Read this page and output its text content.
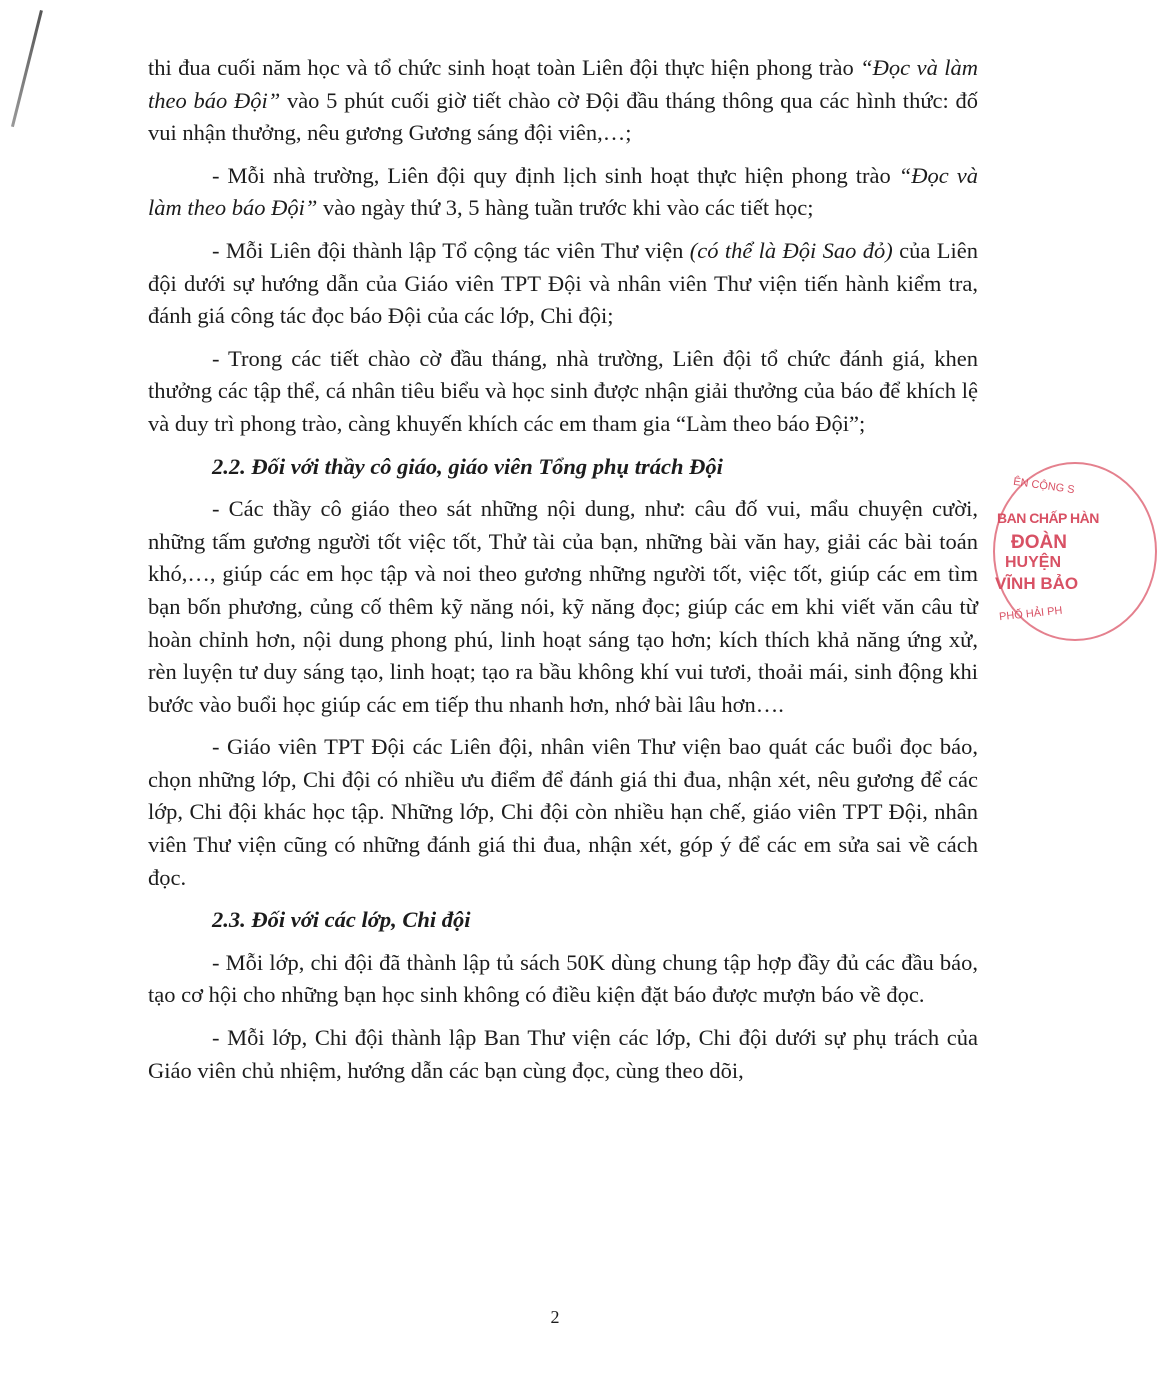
thi đua cuối năm học và tổ chức sinh hoạt toàn Liên đội thực hiện phong trào “Đọc và làm theo báo Đội” vào 5 phút cuối giờ tiết chào cờ Đội đầu tháng thông qua các hình thức: đố vui nhận thưởng, nêu gương Gương sáng đội viên,…;

- Mỗi nhà trường, Liên đội quy định lịch sinh hoạt thực hiện phong trào “Đọc và làm theo báo Đội” vào ngày thứ 3, 5 hàng tuần trước khi vào các tiết học;

- Mỗi Liên đội thành lập Tổ cộng tác viên Thư viện (có thể là Đội Sao đỏ) của Liên đội dưới sự hướng dẫn của Giáo viên TPT Đội và nhân viên Thư viện tiến hành kiểm tra, đánh giá công tác đọc báo Đội của các lớp, Chi đội;

- Trong các tiết chào cờ đầu tháng, nhà trường, Liên đội tổ chức đánh giá, khen thưởng các tập thể, cá nhân tiêu biểu và học sinh được nhận giải thưởng của báo để khích lệ và duy trì phong trào, càng khuyến khích các em tham gia “Làm theo báo Đội”;

2.2. Đối với thầy cô giáo, giáo viên Tổng phụ trách Đội

- Các thầy cô giáo theo sát những nội dung, như: câu đố vui, mẩu chuyện cười, những tấm gương người tốt việc tốt, Thử tài của bạn, những bài văn hay, giải các bài toán khó,…, giúp các em học tập và noi theo gương những người tốt, việc tốt, giúp các em tìm bạn bốn phương, củng cố thêm kỹ năng nói, kỹ năng đọc; giúp các em khi viết văn câu từ hoàn chỉnh hơn, nội dung phong phú, linh hoạt sáng tạo hơn; kích thích khả năng ứng xử, rèn luyện tư duy sáng tạo, linh hoạt; tạo ra bầu không khí vui tươi, thoải mái, sinh động khi bước vào buổi học giúp các em tiếp thu nhanh hơn, nhớ bài lâu hơn….

- Giáo viên TPT Đội các Liên đội, nhân viên Thư viện bao quát các buổi đọc báo, chọn những lớp, Chi đội có nhiều ưu điểm để đánh giá thi đua, nhận xét, nêu gương để các lớp, Chi đội khác học tập. Những lớp, Chi đội còn nhiều hạn chế, giáo viên TPT Đội, nhân viên Thư viện cũng có những đánh giá thi đua, nhận xét, góp ý để các em sửa sai về cách đọc.

2.3. Đối với các lớp, Chi đội

- Mỗi lớp, chi đội đã thành lập tủ sách 50K dùng chung tập hợp đầy đủ các đầu báo, tạo cơ hội cho những bạn học sinh không có điều kiện đặt báo được mượn báo về đọc.

- Mỗi lớp, Chi đội thành lập Ban Thư viện các lớp, Chi đội dưới sự phụ trách của Giáo viên chủ nhiệm, hướng dẫn các bạn cùng đọc, cùng theo dõi,

2
ÊN CỘNG S
BAN CHẤP HÀN
ĐOÀN
HUYỆN
VĨNH BẢO
PHỐ HẢI PH
